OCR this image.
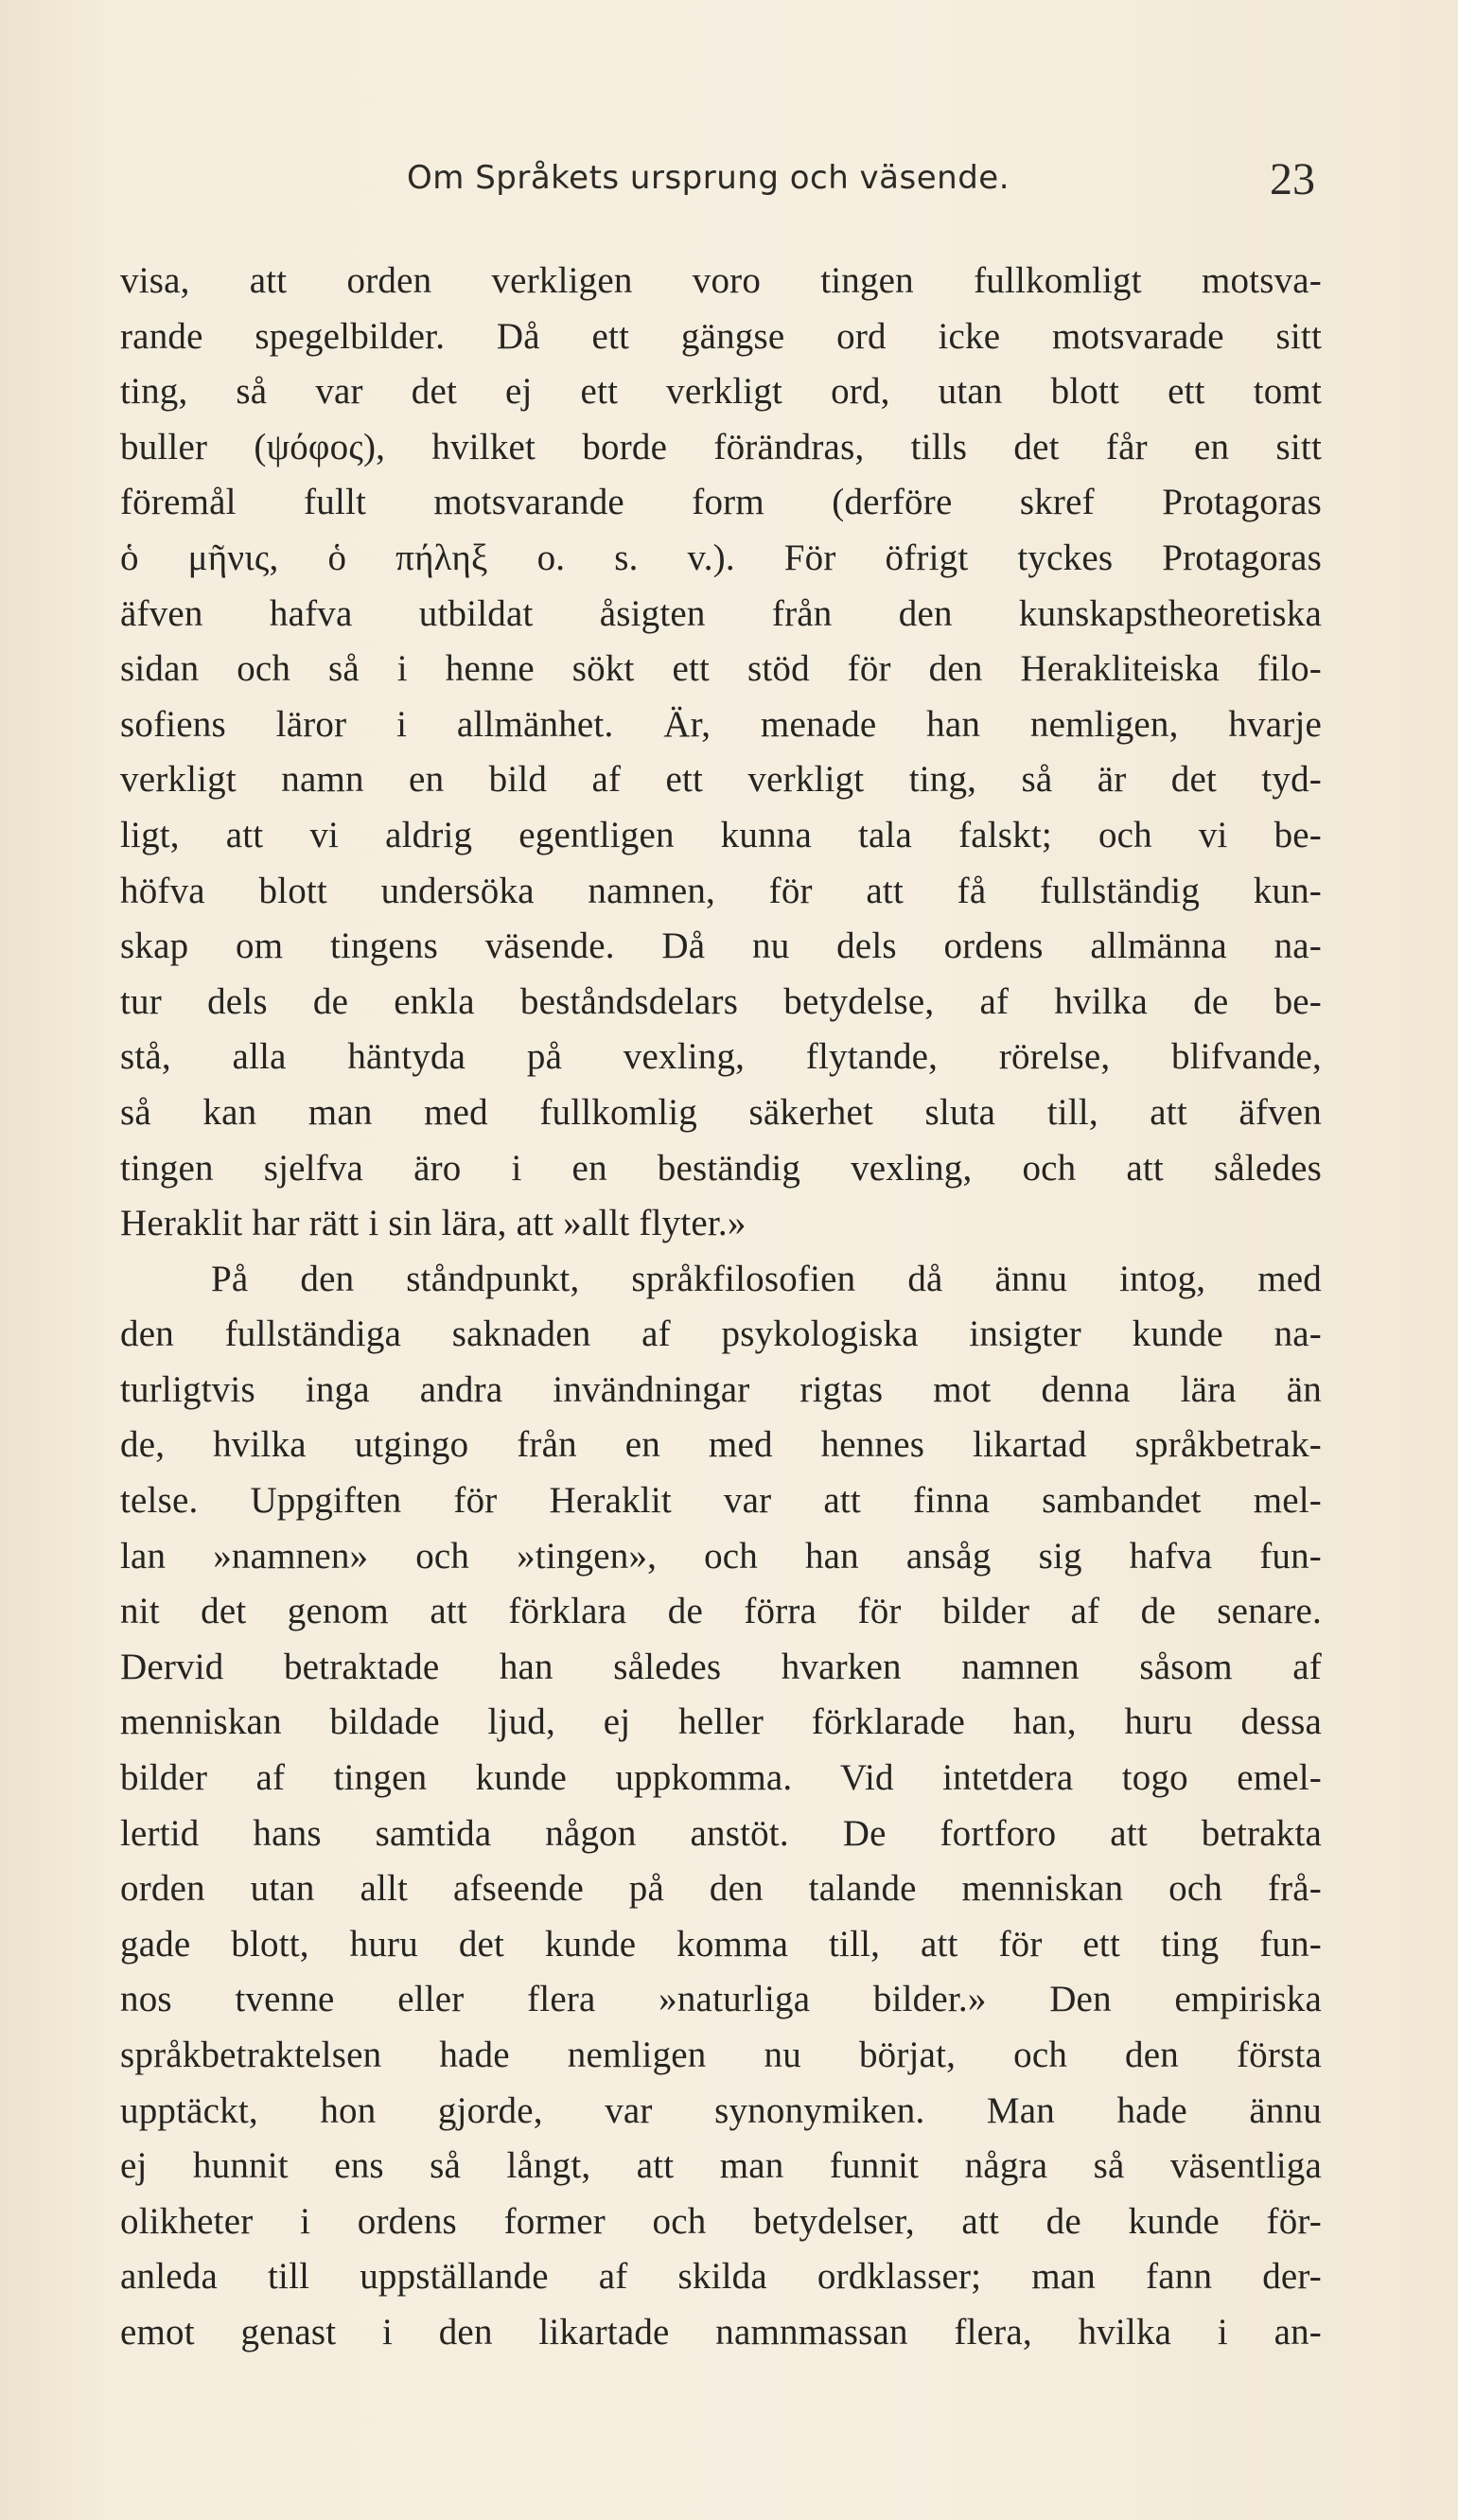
Om Språkets ursprung och väsende.	23
visa, att orden verkligen voro tingen fullkomligt motsva-
rande spegelbilder. Då ett gängse ord icke motsvarade sitt
ting, så var det ej ett verkligt ord, utan blott ett tomt
buller (ψόφος), hvilket borde förändras, tills det får en sitt
föremål fullt motsvarande form (derföre skref Protagoras
ὁ μῆνις, ὁ πήληξ o. s. v.). För öfrigt tyckes Protagoras
äfven hafva utbildat åsigten från den kunskapstheoretiska
sidan och så i henne sökt ett stöd för den Herakliteiska filo-
sofiens läror i allmänhet. Är, menade han nemligen, hvarje
verkligt namn en bild af ett verkligt ting, så är det tyd-
ligt, att vi aldrig egentligen kunna tala falskt; och vi be-
höfva blott undersöka namnen, för att få fullständig kun-
skap om tingens väsende. Då nu dels ordens allmänna na-
tur dels de enkla beståndsdelars betydelse, af hvilka de be-
stå, alla häntyda på vexling, flytande, rörelse, blifvande,
så kan man med fullkomlig säkerhet sluta till, att äfven
tingen sjelfva äro i en beständig vexling, och att således
Heraklit har rätt i sin lära, att »allt flyter.»
På den ståndpunkt, språkfilosofien då ännu intog, med
den fullständiga saknaden af psykologiska insigter kunde na-
turligtvis inga andra invändningar rigtas mot denna lära än
de, hvilka utgingo från en med hennes likartad språkbetrak-
telse. Uppgiften för Heraklit var att finna sambandet mel-
lan »namnen» och »tingen», och han ansåg sig hafva fun-
nit det genom att förklara de förra för bilder af de senare.
Dervid betraktade han således hvarken namnen såsom af
menniskan bildade ljud, ej heller förklarade han, huru dessa
bilder af tingen kunde uppkomma. Vid intetdera togo emel-
lertid hans samtida någon anstöt. De fortforo att betrakta
orden utan allt afseende på den talande menniskan och frå-
gade blott, huru det kunde komma till, att för ett ting fun-
nos tvenne eller flera »naturliga bilder.» Den empiriska
språkbetraktelsen hade nemligen nu börjat, och den första
upptäckt, hon gjorde, var synonymiken. Man hade ännu
ej hunnit ens så långt, att man funnit några så väsentliga
olikheter i ordens former och betydelser, att de kunde för-
anleda till uppställande af skilda ordklasser; man fann der-
emot genast i den likartade namnmassan flera, hvilka i an-
